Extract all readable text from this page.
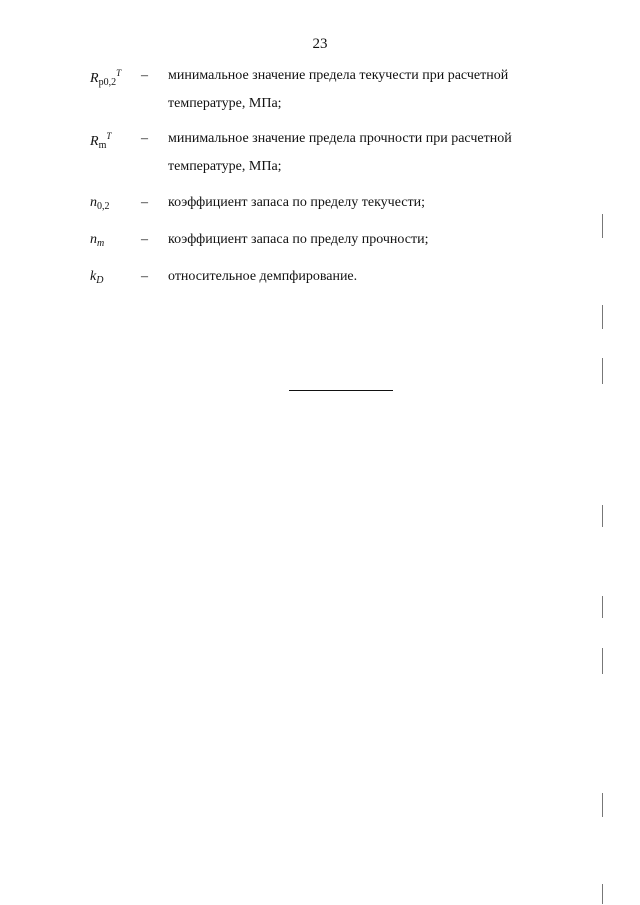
23
$R_{p0,2}^T$ – минимальное значение предела текучести при расчетной температуре, МПа;
$R_m^T$ – минимальное значение предела прочности при расчетной температуре, МПа;
$n_{0,2}$ – коэффициент запаса по пределу текучести;
$n_m$	– коэффициент запаса по пределу прочности;
$k_D$	– относительное демпфирование.
